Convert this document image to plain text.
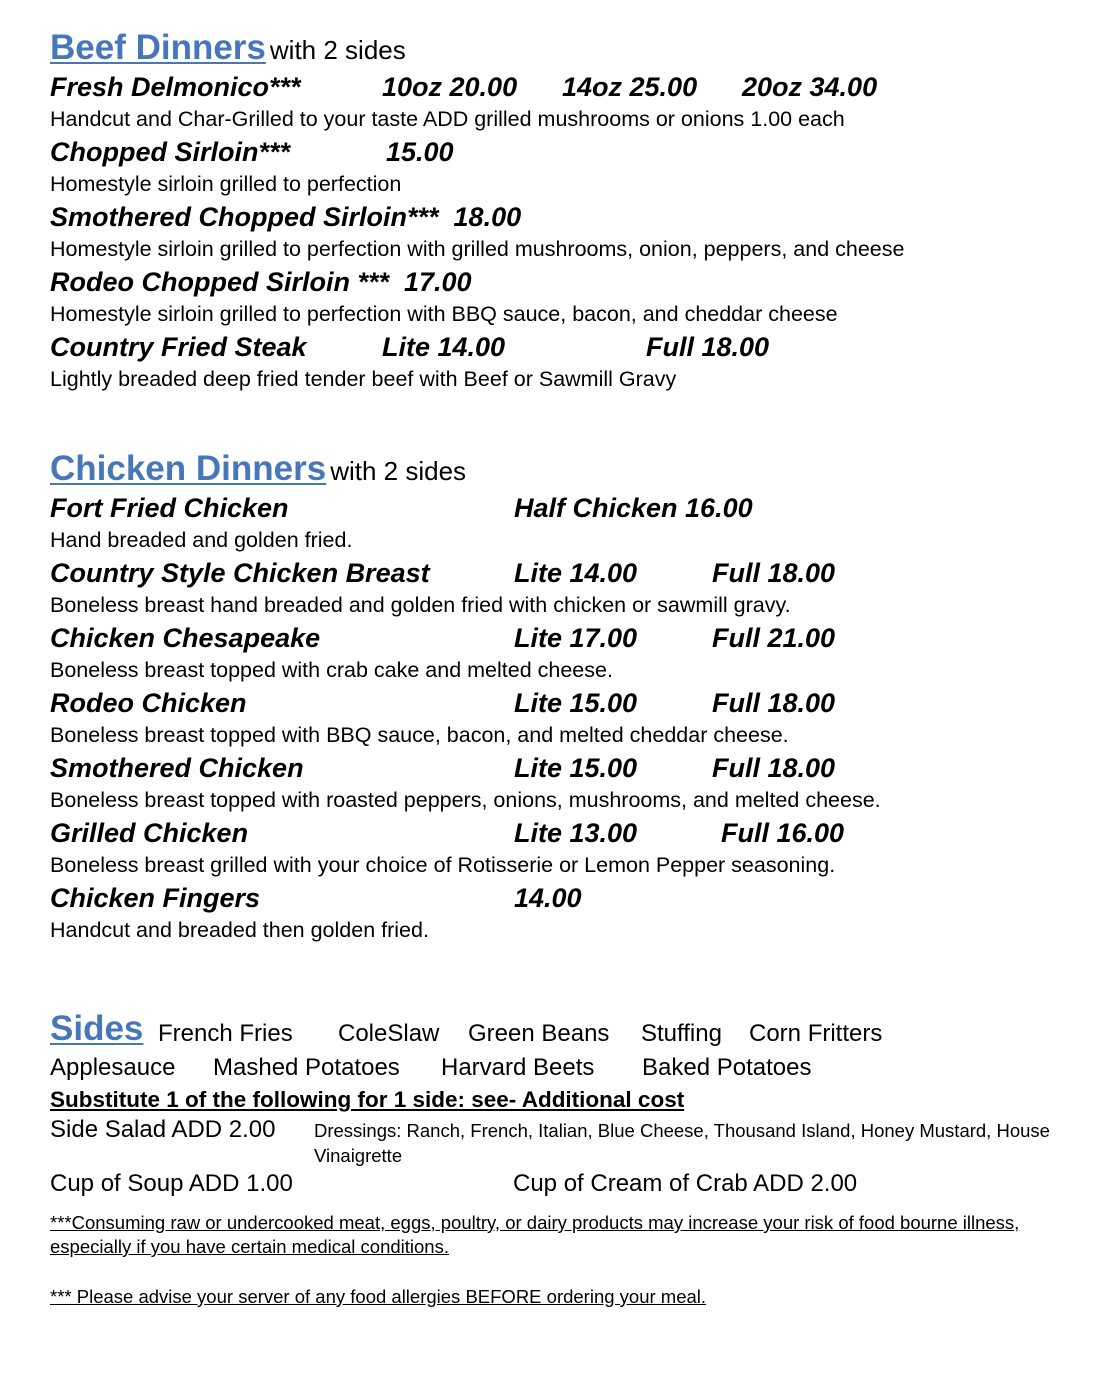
Beef Dinners with 2 sides
Fresh Delmonico***	10oz 20.00 14oz 25.00 20oz 34.00
Handcut and Char-Grilled to your taste ADD grilled mushrooms or onions 1.00 each
Chopped Sirloin***	15.00
Homestyle sirloin grilled to perfection
Smothered Chopped Sirloin***  18.00
Homestyle sirloin grilled to perfection with grilled mushrooms, onion, peppers, and cheese
Rodeo Chopped Sirloin ***  17.00
Homestyle sirloin grilled to perfection with BBQ sauce, bacon, and cheddar cheese
Country Fried Steak	Lite 14.00	Full 18.00
Lightly breaded deep fried tender beef with Beef or Sawmill Gravy
Chicken Dinners with 2 sides
Fort Fried Chicken	Half Chicken 16.00
Hand breaded and golden fried.
Country Style Chicken Breast	Lite 14.00	Full 18.00
Boneless breast hand breaded and golden fried with chicken or sawmill gravy.
Chicken Chesapeake	Lite 17.00	Full 21.00
Boneless breast topped with crab cake and melted cheese.
Rodeo Chicken	Lite 15.00	Full 18.00
Boneless breast topped with BBQ sauce, bacon, and melted cheddar cheese.
Smothered Chicken	Lite 15.00	Full 18.00
Boneless breast topped with roasted peppers, onions, mushrooms, and melted cheese.
Grilled Chicken	Lite 13.00	Full 16.00
Boneless breast grilled with your choice of Rotisserie or Lemon Pepper seasoning.
Chicken Fingers	14.00
Handcut and breaded then golden fried.
Sides French Fries ColeSlaw Green Beans Stuffing Corn Fritters
Applesauce Mashed Potatoes Harvard Beets Baked Potatoes
Substitute 1 of the following for 1 side: see- Additional cost
Side Salad ADD 2.00 Dressings: Ranch, French, Italian, Blue Cheese, Thousand Island, Honey Mustard, House Vinaigrette
Cup of Soup ADD 1.00	Cup of Cream of Crab ADD 2.00
***Consuming raw or undercooked meat, eggs, poultry, or dairy products may increase your risk of food bourne illness, especially if you have certain medical conditions.
*** Please advise your server of any food allergies BEFORE ordering your meal.
